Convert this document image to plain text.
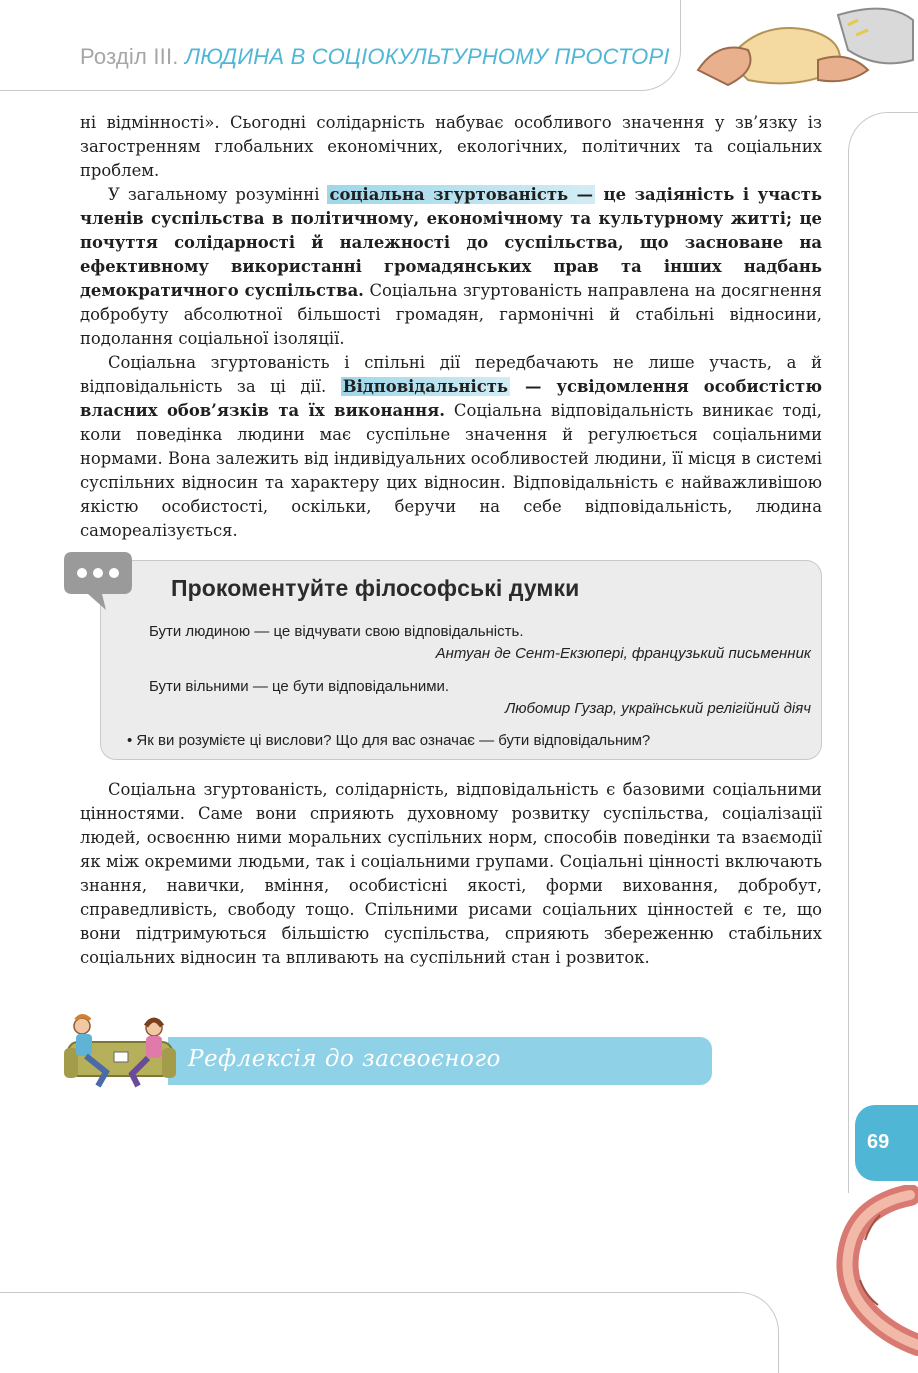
Розділ ІІІ. ЛЮДИНА В СОЦІОКУЛЬТУРНОМУ ПРОСТОРІ

ні відмінності». Сьогодні солідарність набуває особливого значення у зв’язку із загостренням глобальних економічних, екологічних, політичних та соціальних проблем.

У загальному розумінні соціальна згуртованість — це задіяність і участь членів суспільства в політичному, економічному та культурному житті; це почуття солідарності й належності до суспільства, що засноване на ефективному використанні громадянських прав та інших надбань демократичного суспільства. Соціальна згуртованість направлена на досягнення добробуту абсолютної більшості громадян, гармонічні й стабільні відносини, подолання соціальної ізоляції.

Соціальна згуртованість і спільні дії передбачають не лише участь, а й відповідальність за ці дії. Відповідальність — усвідомлення особистістю власних обов’язків та їх виконання. Соціальна відповідальність виникає тоді, коли поведінка людини має суспільне значення й регулюється соціальними нормами. Вона залежить від індивідуальних особливостей людини, її місця в системі суспільних відносин та характеру цих відносин. Відповідальність є найважливішою якістю особистості, оскільки, беручи на себе відповідальність, людина самореалізується.

Прокоментуйте філософські думки
Бути людиною — це відчувати свою відповідальність.
Антуан де Сент-Екзюпері, французький письменник
Бути вільними — це бути відповідальними.
Любомир Гузар, український релігійний діяч
• Як ви розумієте ці вислови? Що для вас означає — бути відповідальним?

Соціальна згуртованість, солідарність, відповідальність є базовими соціальними цінностями. Саме вони сприяють духовному розвитку суспільства, соціалізації людей, освоєнню ними моральних суспільних норм, способів поведінки та взаємодії як між окремими людьми, так і соціальними групами. Соціальні цінності включають знання, навички, вміння, особистісні якості, форми виховання, добробут, справедливість, свободу тощо. Спільними рисами соціальних цінностей є те, що вони підтримуються більшістю суспільства, сприяють збереженню стабільних соціальних відносин та впливають на суспільний стан і розвиток.

Рефлексія до засвоєного
69
